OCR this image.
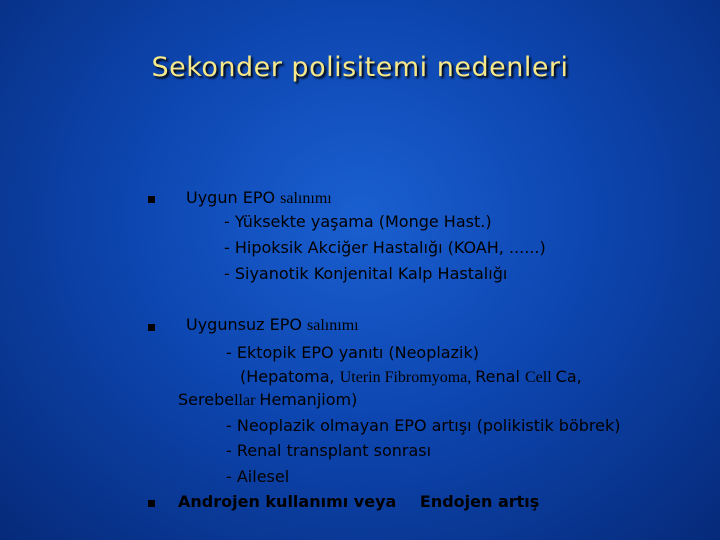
Sekonder polisitemi nedenleri
Uygun EPO salınımı
- Yüksekte yaşama (Monge Hast.)
- Hipoksik Akciğer Hastalığı (KOAH, ......)
- Siyanotik Konjenital Kalp Hastalığı
Uygunsuz EPO salınımı
- Ektopik EPO yanıtı (Neoplazik)
(Hepatoma, Uterin Fibromyoma, Renal Cell Ca,
Serebellar Hemanjiom)
- Neoplazik olmayan EPO artışı (polikistik böbrek)
- Renal transplant sonrası
- Ailesel
Androjen kullanımı veya Endojen artış
